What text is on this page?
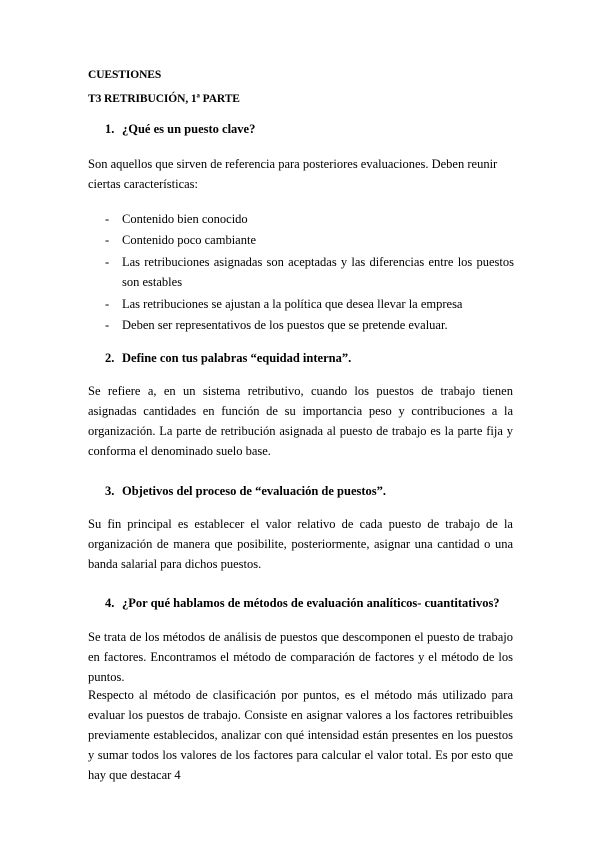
CUESTIONES
T3 RETRIBUCIÓN, 1ª PARTE
1. ¿Qué es un puesto clave?
Son aquellos que sirven de referencia para posteriores evaluaciones. Deben reunir ciertas características:
- Contenido bien conocido
- Contenido poco cambiante
- Las retribuciones asignadas son aceptadas y las diferencias entre los puestos son estables
- Las retribuciones se ajustan a la política que desea llevar la empresa
- Deben ser representativos de los puestos que se pretende evaluar.
2. Define con tus palabras “equidad interna”.
Se refiere a, en un sistema retributivo, cuando los puestos de trabajo tienen asignadas cantidades en función de su importancia peso y contribuciones a la organización. La parte de retribución asignada al puesto de trabajo es la parte fija y conforma el denominado suelo base.
3. Objetivos del proceso de “evaluación de puestos”.
Su fin principal es establecer el valor relativo de cada puesto de trabajo de la organización de manera que posibilite, posteriormente, asignar una cantidad o una banda salarial para dichos puestos.
4. ¿Por qué hablamos de métodos de evaluación analíticos- cuantitativos?
Se trata de los métodos de análisis de puestos que descomponen el puesto de trabajo en factores. Encontramos el método de comparación de factores y el método de los puntos.
Respecto al método de clasificación por puntos, es el método más utilizado para evaluar los puestos de trabajo. Consiste en asignar valores a los factores retribuibles previamente establecidos, analizar con qué intensidad están presentes en los puestos y sumar todos los valores de los factores para calcular el valor total. Es por esto que hay que destacar 4
